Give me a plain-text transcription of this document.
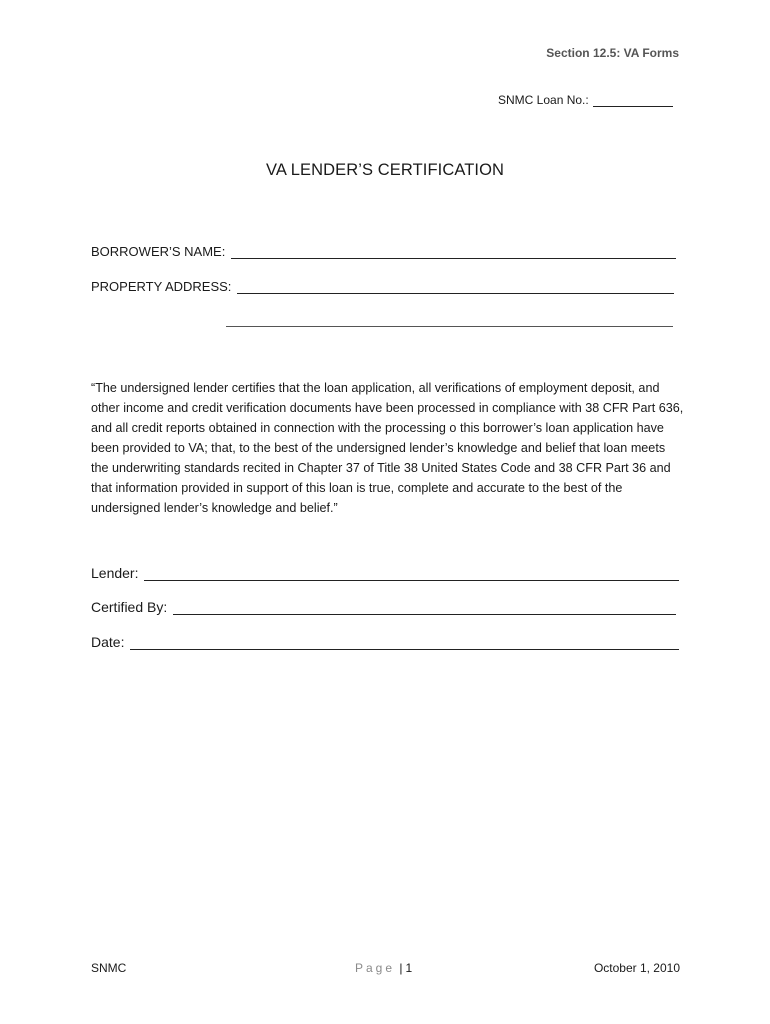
Section 12.5: VA Forms
SNMC Loan No.:
VA LENDER’S CERTIFICATION
BORROWER’S NAME:
PROPERTY ADDRESS:

“The undersigned lender certifies that the loan application, all verifications of employment deposit, and other income and credit verification documents have been processed in compliance with 38 CFR Part 636, and all credit reports obtained in connection with the processing o this borrower’s loan application have been provided to VA; that, to the best of the undersigned lender’s knowledge and belief that loan meets the underwriting standards recited in Chapter 37 of Title 38 United States Code and 38 CFR Part 36 and that information provided in support of this loan is true, complete and accurate to the best of the undersigned lender’s knowledge and belief.”

Lender:
Certified By:
Date:
SNMC	Page | 1	October 1, 2010
